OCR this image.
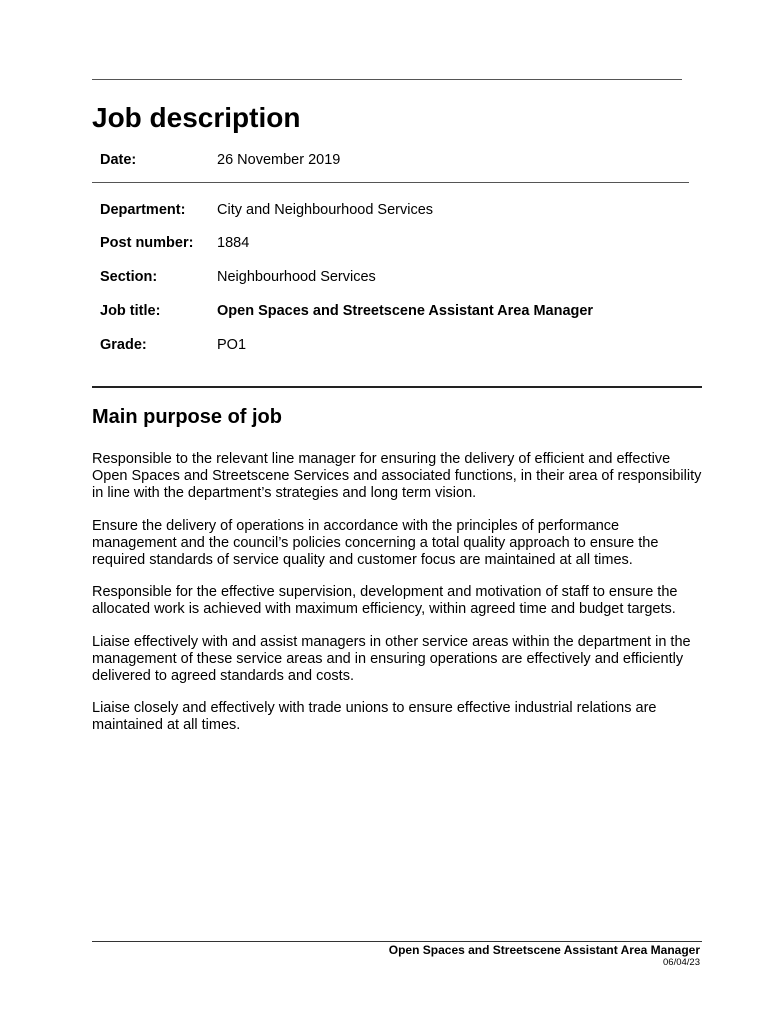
Job description
Date:	26 November 2019
Department:	City and Neighbourhood Services
Post number:	1884
Section:	Neighbourhood Services
Job title:	Open Spaces and Streetscene Assistant Area Manager
Grade:	PO1
Main purpose of job

Responsible to the relevant line manager for ensuring the delivery of efficient and effective Open Spaces and Streetscene Services and associated functions, in their area of responsibility in line with the department’s strategies and long term vision.

Ensure the delivery of operations in accordance with the principles of performance management and the council’s policies concerning a total quality approach to ensure the required standards of service quality and customer focus are maintained at all times.

Responsible for the effective supervision, development and motivation of staff to ensure the allocated work is achieved with maximum efficiency, within agreed time and budget targets.

Liaise effectively with and assist managers in other service areas within the department in the management of these service areas and in ensuring operations are effectively and efficiently delivered to agreed standards and costs.

Liaise closely and effectively with trade unions to ensure effective industrial relations are maintained at all times.

Open Spaces and Streetscene Assistant Area Manager
06/04/23
